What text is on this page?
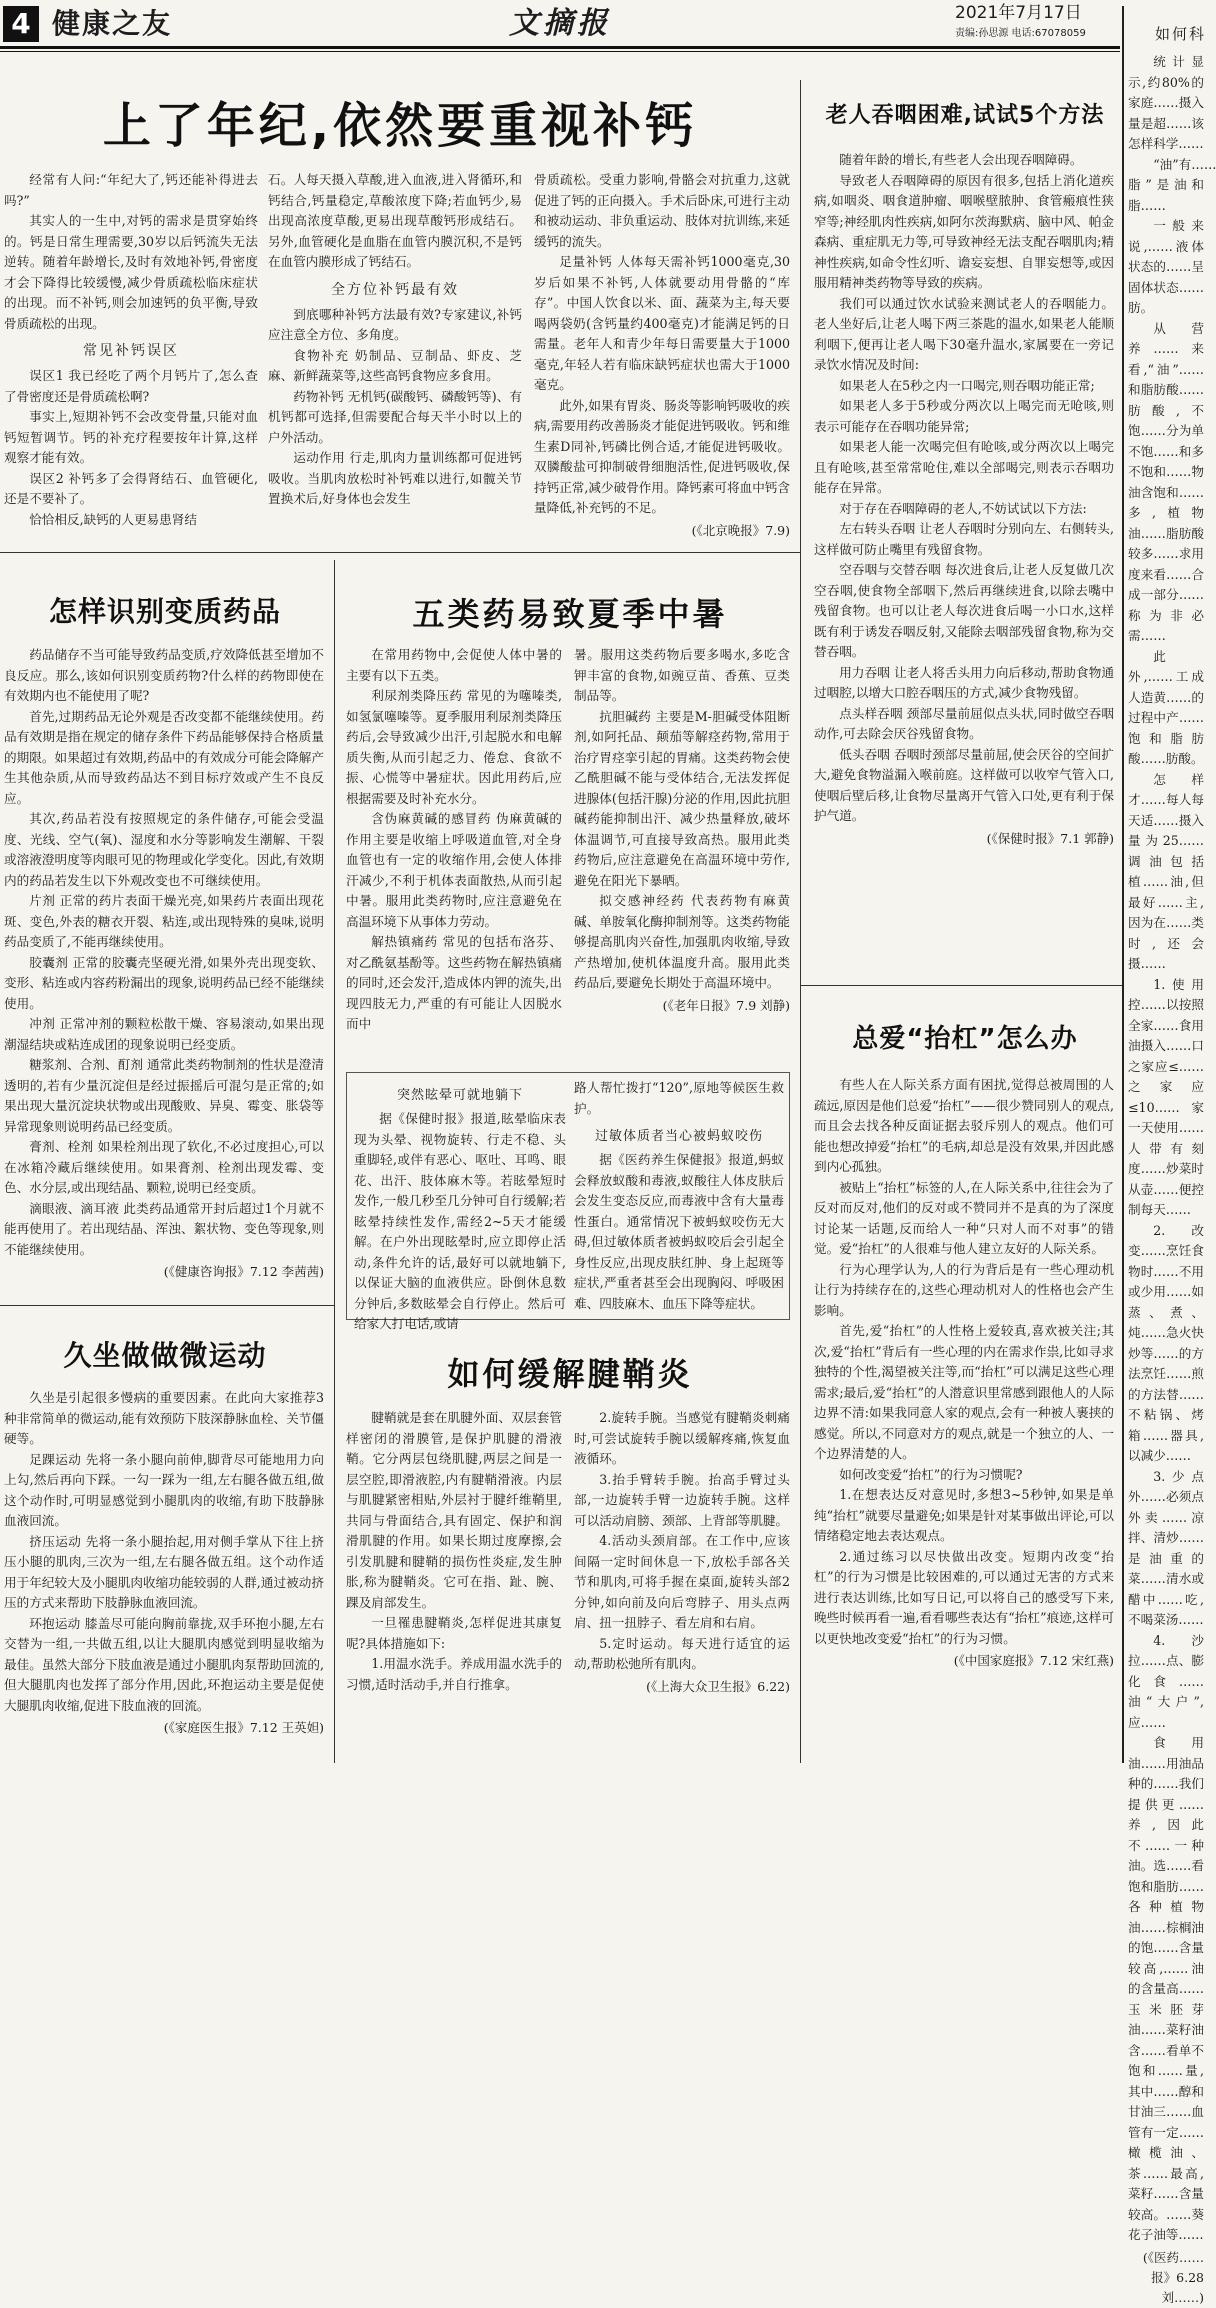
4 健康之友	文摘报	2021年7月17日
责编:孙思源 电话:67078059	如何科
上了年纪,依然要重视补钙

经常有人问:“年纪大了,钙还能补得进去吗?”

其实人的一生中,对钙的需求是贯穿始终的。钙是日常生理需要,30岁以后钙流失无法逆转。随着年龄增长,及时有效地补钙,骨密度才会下降得比较缓慢,减少骨质疏松临床症状的出现。而不补钙,则会加速钙的负平衡,导致骨质疏松的出现。

常见补钙误区

误区1 我已经吃了两个月钙片了,怎么查了骨密度还是骨质疏松啊?

事实上,短期补钙不会改变骨量,只能对血钙短暂调节。钙的补充疗程要按年计算,这样观察才能有效。

误区2 补钙多了会得肾结石、血管硬化,还是不要补了。

恰恰相反,缺钙的人更易患肾结

石。人每天摄入草酸,进入血液,进入肾循环,和钙结合,钙量稳定,草酸浓度下降;若血钙少,易出现高浓度草酸,更易出现草酸钙形成结石。另外,血管硬化是血脂在血管内膜沉积,不是钙在血管内膜形成了钙结石。

全方位补钙最有效

到底哪种补钙方法最有效?专家建议,补钙应注意全方位、多角度。

食物补充 奶制品、豆制品、虾皮、芝麻、新鲜蔬菜等,这些高钙食物应多食用。

药物补钙 无机钙(碳酸钙、磷酸钙等)、有机钙都可选择,但需要配合每天半小时以上的户外活动。

运动作用 行走,肌肉力量训练都可促进钙吸收。当肌肉放松时补钙难以进行,如髋关节置换术后,好身体也会发生

骨质疏松。受重力影响,骨骼会对抗重力,这就促进了钙的正向摄入。手术后卧床,可进行主动和被动运动、非负重运动、肢体对抗训练,来延缓钙的流失。

足量补钙 人体每天需补钙1000毫克,30岁后如果不补钙,人体就要动用骨骼的“库存”。中国人饮食以米、面、蔬菜为主,每天要喝两袋奶(含钙量约400毫克)才能满足钙的日需量。老年人和青少年每日需要量大于1000毫克,年轻人若有临床缺钙症状也需大于1000毫克。

此外,如果有胃炎、肠炎等影响钙吸收的疾病,需要用药改善肠炎才能促进钙吸收。钙和维生素D同补,钙磷比例合适,才能促进钙吸收。双膦酸盐可抑制破骨细胞活性,促进钙吸收,保持钙正常,减少破骨作用。降钙素可将血中钙含量降低,补充钙的不足。

(《北京晚报》7.9)
老人吞咽困难,试试5个方法

随着年龄的增长,有些老人会出现吞咽障碍。

导致老人吞咽障碍的原因有很多,包括上消化道疾病,如咽炎、咽食道肿瘤、咽喉壁脓肿、食管瘢痕性狭窄等;神经肌肉性疾病,如阿尔茨海默病、脑中风、帕金森病、重症肌无力等,可导致神经无法支配吞咽肌肉;精神性疾病,如命令性幻听、谵妄妄想、自罪妄想等,或因服用精神类药物等导致的疾病。

我们可以通过饮水试验来测试老人的吞咽能力。老人坐好后,让老人喝下两三茶匙的温水,如果老人能顺利咽下,便再让老人喝下30毫升温水,家属要在一旁记录饮水情况及时间:

如果老人在5秒之内一口喝完,则吞咽功能正常;

如果老人多于5秒或分两次以上喝完而无呛咳,则表示可能存在吞咽功能异常;

如果老人能一次喝完但有呛咳,或分两次以上喝完且有呛咳,甚至常常呛住,难以全部喝完,则表示吞咽功能存在异常。

对于存在吞咽障碍的老人,不妨试试以下方法:

左右转头吞咽 让老人吞咽时分别向左、右侧转头,这样做可防止嘴里有残留食物。

空吞咽与交替吞咽 每次进食后,让老人反复做几次空吞咽,使食物全部咽下,然后再继续进食,以除去嘴中残留食物。也可以让老人每次进食后喝一小口水,这样既有利于诱发吞咽反射,又能除去咽部残留食物,称为交替吞咽。

用力吞咽 让老人将舌头用力向后移动,帮助食物通过咽腔,以增大口腔吞咽压的方式,减少食物残留。

点头样吞咽 颈部尽量前屈似点头状,同时做空吞咽动作,可去除会厌谷残留食物。

低头吞咽 吞咽时颈部尽量前屈,使会厌谷的空间扩大,避免食物溢漏入喉前庭。这样做可以收窄气管入口,使咽后壁后移,让食物尽量离开气管入口处,更有利于保护气道。

(《保健时报》7.1 郭静)
怎样识别变质药品

药品储存不当可能导致药品变质,疗效降低甚至增加不良反应。那么,该如何识别变质药物?什么样的药物即使在有效期内也不能使用了呢?

首先,过期药品无论外观是否改变都不能继续使用。药品有效期是指在规定的储存条件下药品能够保持合格质量的期限。如果超过有效期,药品中的有效成分可能会降解产生其他杂质,从而导致药品达不到目标疗效或产生不良反应。

其次,药品若没有按照规定的条件储存,可能会受温度、光线、空气(氧)、湿度和水分等影响发生潮解、干裂或溶液澄明度等肉眼可见的物理或化学变化。因此,有效期内的药品若发生以下外观改变也不可继续使用。

片剂 正常的药片表面干燥光亮,如果药片表面出现花斑、变色,外表的糖衣开裂、粘连,或出现特殊的臭味,说明药品变质了,不能再继续使用。

胶囊剂 正常的胶囊壳坚硬光滑,如果外壳出现变软、变形、粘连或内容药粉漏出的现象,说明药品已经不能继续使用。

冲剂 正常冲剂的颗粒松散干燥、容易滚动,如果出现潮湿结块或粘连成团的现象说明已经变质。

糖浆剂、合剂、酊剂 通常此类药物制剂的性状是澄清透明的,若有少量沉淀但是经过振摇后可混匀是正常的;如果出现大量沉淀块状物或出现酸败、异臭、霉变、胀袋等异常现象则说明药品已经变质。

膏剂、栓剂 如果栓剂出现了软化,不必过度担心,可以在冰箱冷藏后继续使用。如果膏剂、栓剂出现发霉、变色、水分层,或出现结晶、颗粒,说明已经变质。

滴眼液、滴耳液 此类药品通常开封后超过1个月就不能再使用了。若出现结晶、浑浊、絮状物、变色等现象,则不能继续使用。

(《健康咨询报》7.12 李茜茜)
五类药易致夏季中暑

在常用药物中,会促使人体中暑的主要有以下五类。

利尿剂类降压药 常见的为噻嗪类,如氢氯噻嗪等。夏季服用利尿剂类降压药后,会导致减少出汗,引起脱水和电解质失衡,从而引起乏力、倦怠、食欲不振、心慌等中暑症状。因此用药后,应根据需要及时补充水分。

含伪麻黄碱的感冒药 伪麻黄碱的作用主要是收缩上呼吸道血管,对全身血管也有一定的收缩作用,会使人体排汗减少,不利于机体表面散热,从而引起中暑。服用此类药物时,应注意避免在高温环境下从事体力劳动。

解热镇痛药 常见的包括布洛芬、对乙酰氨基酚等。这些药物在解热镇痛的同时,还会发汗,造成体内钾的流失,出现四肢无力,严重的有可能让人因脱水而中

暑。服用这类药物后要多喝水,多吃含钾丰富的食物,如豌豆苗、香蕉、豆类制品等。

抗胆碱药 主要是M-胆碱受体阻断剂,如阿托品、颠茄等解痉药物,常用于治疗胃痉挛引起的胃痛。这类药物会使乙酰胆碱不能与受体结合,无法发挥促进腺体(包括汗腺)分泌的作用,因此抗胆碱药能抑制出汗、减少热量释放,破坏体温调节,可直接导致高热。服用此类药物后,应注意避免在高温环境中劳作,避免在阳光下暴晒。

拟交感神经药 代表药物有麻黄碱、单胺氧化酶抑制剂等。这类药物能够提高肌肉兴奋性,加强肌肉收缩,导致产热增加,使机体温度升高。服用此类药品后,要避免长期处于高温环境中。

(《老年日报》7.9 刘静)
突然眩晕可就地躺下

据《保健时报》报道,眩晕临床表现为头晕、视物旋转、行走不稳、头重脚轻,或伴有恶心、呕吐、耳鸣、眼花、出汗、肢体麻木等。若眩晕短时发作,一般几秒至几分钟可自行缓解;若眩晕持续性发作,需经2~5天才能缓解。在户外出现眩晕时,应立即停止活动,条件允许的话,最好可以就地躺下,以保证大脑的血液供应。卧倒休息数分钟后,多数眩晕会自行停止。然后可给家人打电话,或请

路人帮忙拨打“120”,原地等候医生救护。

过敏体质者当心被蚂蚁咬伤

据《医药养生保健报》报道,蚂蚁会释放蚁酸和毒液,蚁酸往人体皮肤后会发生变态反应,而毒液中含有大量毒性蛋白。通常情况下被蚂蚁咬伤无大碍,但过敏体质者被蚂蚁咬后会引起全身性反应,出现皮肤红肿、身上起斑等症状,严重者甚至会出现胸闷、呼吸困难、四肢麻木、血压下降等症状。

久坐做做微运动

久坐是引起很多慢病的重要因素。在此向大家推荐3种非常简单的微运动,能有效预防下肢深静脉血栓、关节僵硬等。

足踝运动 先将一条小腿向前伸,脚背尽可能地用力向上勾,然后再向下踩。一勾一踩为一组,左右腿各做五组,做这个动作时,可明显感觉到小腿肌肉的收缩,有助下肢静脉血液回流。

挤压运动 先将一条小腿抬起,用对侧手掌从下往上挤压小腿的肌肉,三次为一组,左右腿各做五组。这个动作适用于年纪较大及小腿肌肉收缩功能较弱的人群,通过被动挤压的方式来帮助下肢静脉血液回流。

环抱运动 膝盖尽可能向胸前靠拢,双手环抱小腿,左右交替为一组,一共做五组,以让大腿肌肉感觉到明显收缩为最佳。虽然大部分下肢血液是通过小腿肌肉泵帮助回流的,但大腿肌肉也发挥了部分作用,因此,环抱运动主要是促使大腿肌肉收缩,促进下肢血液的回流。

(《家庭医生报》7.12 王英妲)
如何缓解腱鞘炎

腱鞘就是套在肌腱外面、双层套管样密闭的滑膜管,是保护肌腱的滑液鞘。它分两层包绕肌腱,两层之间是一层空腔,即滑液腔,内有腱鞘滑液。内层与肌腱紧密相贴,外层衬于腱纤维鞘里,共同与骨面结合,具有固定、保护和润滑肌腱的作用。如果长期过度摩擦,会引发肌腱和腱鞘的损伤性炎症,发生肿胀,称为腱鞘炎。它可在指、趾、腕、踝及肩部发生。

一旦罹患腱鞘炎,怎样促进其康复呢?具体措施如下:

1.用温水洗手。养成用温水洗手的习惯,适时活动手,并自行推拿。

2.旋转手腕。当感觉有腱鞘炎刺痛时,可尝试旋转手腕以缓解疼痛,恢复血液循环。

3.抬手臂转手腕。抬高手臂过头部,一边旋转手臂一边旋转手腕。这样可以活动肩膀、颈部、上背部等肌腱。

4.活动头颈肩部。在工作中,应该间隔一定时间休息一下,放松手部各关节和肌肉,可将手握在桌面,旋转头部2分钟,如向前及向后弯脖子、用头点两肩、扭一扭脖子、看左肩和右肩。

5.定时运动。每天进行适宜的运动,帮助松弛所有肌肉。

(《上海大众卫生报》6.22)
总爱“抬杠”怎么办

有些人在人际关系方面有困扰,觉得总被周围的人疏远,原因是他们总爱“抬杠”——很少赞同别人的观点,而且会去找各种反面证据去驳斥别人的观点。他们可能也想改掉爱“抬杠”的毛病,却总是没有效果,并因此感到内心孤独。

被贴上“抬杠”标签的人,在人际关系中,往往会为了反对而反对,他们的反对或不赞同并不是真的为了深度讨论某一话题,反而给人一种“只对人而不对事”的错觉。爱“抬杠”的人很难与他人建立友好的人际关系。

行为心理学认为,人的行为背后是有一些心理动机让行为持续存在的,这些心理动机对人的性格也会产生影响。

首先,爱“抬杠”的人性格上爱较真,喜欢被关注;其次,爱“抬杠”背后有一些心理的内在需求作祟,比如寻求独特的个性,渴望被关注等,而“抬杠”可以满足这些心理需求;最后,爱“抬杠”的人潜意识里常感到跟他人的人际边界不清:如果我同意人家的观点,会有一种被人裹挟的感觉。所以,不同意对方的观点,就是一个独立的人、一个边界清楚的人。

如何改变爱“抬杠”的行为习惯呢?

1.在想表达反对意见时,多想3~5秒钟,如果是单纯“抬杠”就要尽量避免;如果是针对某事做出评论,可以情绪稳定地去表达观点。

2.通过练习以尽快做出改变。短期内改变“抬杠”的行为习惯是比较困难的,可以通过无害的方式来进行表达训练,比如写日记,可以将自己的感受写下来,晚些时候再看一遍,看看哪些表达有“抬杠”痕迹,这样可以更快地改变爱“抬杠”的行为习惯。

(《中国家庭报》7.12 宋红燕)

统计显示,约80%的家庭……摄入量是超……该怎样科学……

“油”有……脂”是油和脂……

一般来说,……液体状态的……呈固体状态……肪。

从营养……来看,“油”……和脂肪酸……肪酸,不饱……分为单不饱……和多不饱和……物油含饱和……多,植物油……脂肪酸较多……求用度来看……合成一部分……称为非必需……

此外,……工成人造黄……的过程中产……饱和脂肪酸……肪酸。

怎样才……每人每天适……摄入量为25……调油包括植……油,但最好……主,因为在……类时,还会摄……

1.使用控……以按照全家……食用油摄入……口之家应≤……之家应≤10……家一天使用……人带有刻度……炒菜时从壶……便控制每天……

2.改变……烹饪食物时……不用或少用……如蒸、煮、炖……急火快炒等……的方法烹饪……煎的方法替……不粘锅、烤箱……器具,以减少……

3.少点外……必须点外卖……凉拌、清炒……是油重的菜……清水或醋中……吃,不喝菜汤……

4.沙拉……点、膨化食……油“大户”,应……

食用油……用油品种的……我们提供更……养,因此不……一种油。选……看饱和脂肪……各种植物油……棕榈油的饱……含量较高,……油的含量高……玉米胚芽油……菜籽油含……看单不饱和……量,其中……醇和甘油三……血管有一定……橄榄油、茶……最高,菜籽……含量较高。……葵花子油等……

(《医药……报》6.28 刘……)
